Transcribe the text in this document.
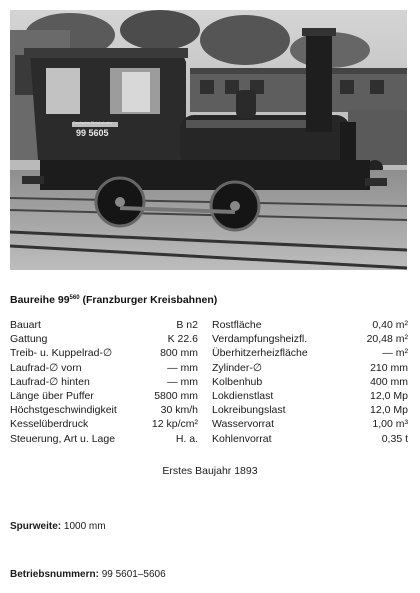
99 5605
Deutsche Reichsbahn
Baureihe $99^{560}$ (Franzburger Kreisbahnen)
Bauart	B n2
Gattung	K 22.6
Treib- u. Kuppelrad-∅	800 mm
Laufrad-∅ vorn	— mm
Laufrad-∅ hinten	— mm
Länge über Puffer	5800 mm
Höchstgeschwindigkeit	30 km/h
Kesselüberdruck	12 kp/cm²
Steuerung, Art u. Lage	H. a.
Rostfläche	0,40 m²
Verdampfungsheizfl.	20,48 m²
Überhitzerheizfläche	— m²
Zylinder-∅	210 mm
Kolbenhub	400 mm
Lokdienstlast	12,0 Mp
Lokreibungslast	12,0 Mp
Wasservorrat	1,00 m³
Kohlenvorrat	0,35 t
Erstes Baujahr 1893
Spurweite: 1000 mm
Betriebsnummern: 99 5601–5606
